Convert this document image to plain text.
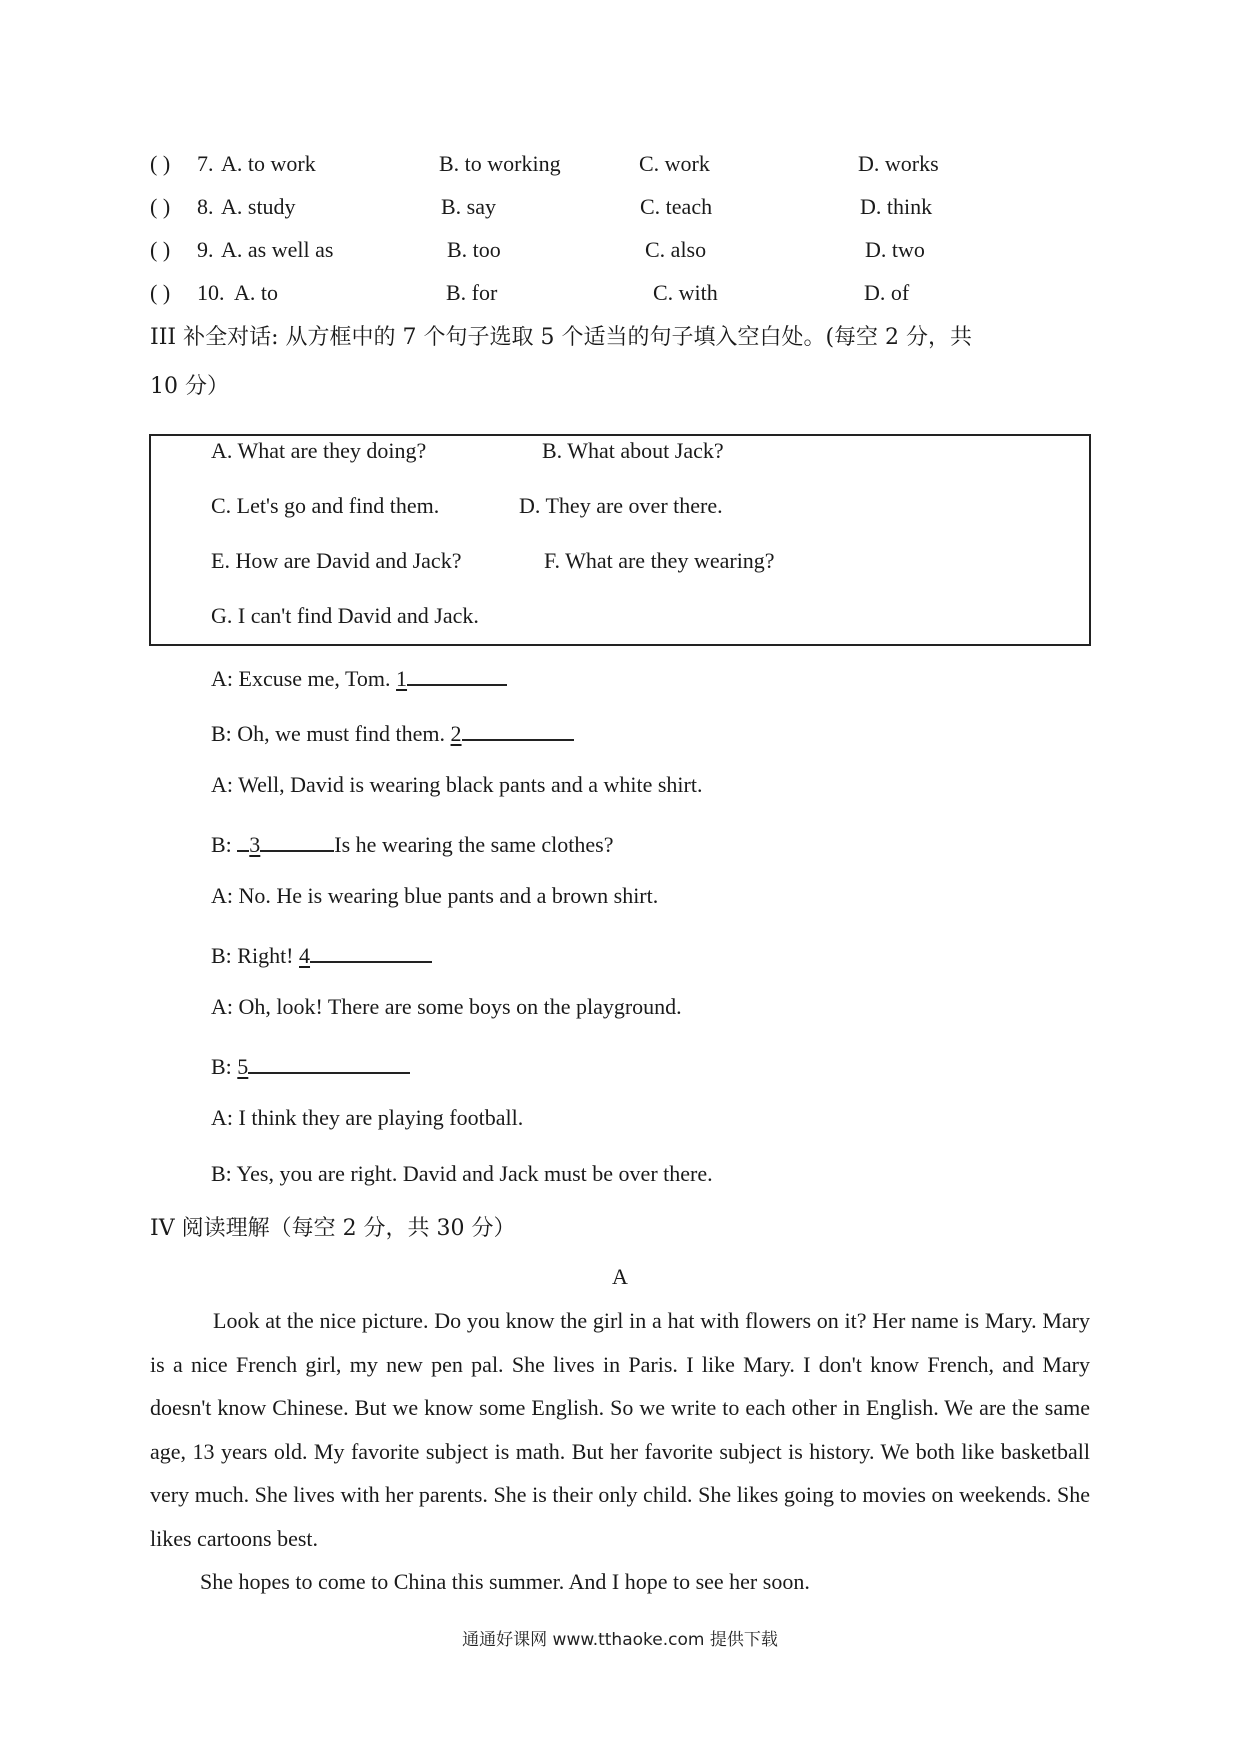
( ) 7. A. to work	B. to working	C. work	D. works
( ) 8. A. study	B. say	C. teach	D. think
( ) 9. A. as well as	B. too	C. also	D. two
( ) 10. A. to	B. for	C. with	D. of
III 补全对话: 从方框中的 7 个句子选取 5 个适当的句子填入空白处。(每空 2 分，共
10 分）
A. What are they doing?	B. What about Jack?
C. Let's go and find them.	D. They are over there.
E. How are David and Jack?	F. What are they wearing?
G. I can't find David and Jack.
A: Excuse me, Tom. 1
B: Oh, we must find them. 2
A: Well, David is wearing black pants and a white shirt.
B: 3	Is he wearing the same clothes?
A: No. He is wearing blue pants and a brown shirt.
B: Right! 4
A: Oh, look! There are some boys on the playground.
B: 5
A: I think they are playing football.
B: Yes, you are right. David and Jack must be over there.
IV 阅读理解（每空 2 分，共 30 分）
A
Look at the nice picture. Do you know the girl in a hat with flowers on it? Her name is Mary. Mary is a nice French girl, my new pen pal. She lives in Paris. I like Mary. I don't know French, and Mary doesn't know Chinese. But we know some English. So we write to each other in English. We are the same age, 13 years old. My favorite subject is math. But her favorite subject is history. We both like basketball very much. She lives with her parents. She is their only child. She likes going to movies on weekends. She likes cartoons best.
She hopes to come to China this summer. And I hope to see her soon.
通通好课网 www.tthaoke.com 提供下载
